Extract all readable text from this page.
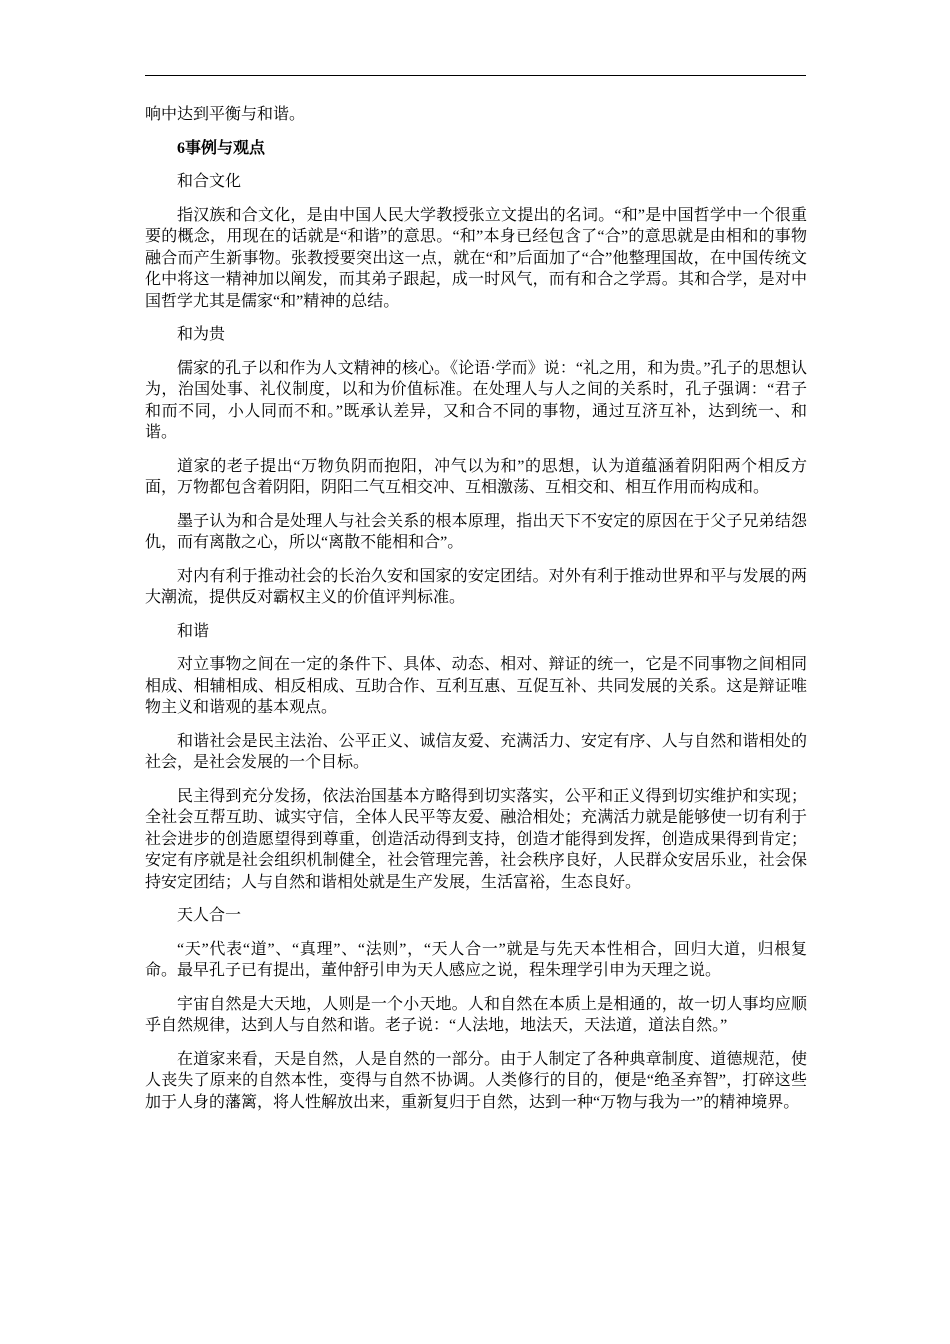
响中达到平衡与和谐。

6事例与观点

和合文化

指汉族和合文化，是由中国人民大学教授张立文提出的名词。“和”是中国哲学中一个很重要的概念，用现在的话就是“和谐”的意思。“和”本身已经包含了“合”的意思就是由相和的事物融合而产生新事物。张教授要突出这一点，就在“和”后面加了“合”他整理国故，在中国传统文化中将这一精神加以阐发，而其弟子跟起，成一时风气，而有和合之学焉。其和合学，是对中国哲学尤其是儒家“和”精神的总结。

和为贵

儒家的孔子以和作为人文精神的核心。《论语·学而》说：“礼之用，和为贵。”孔子的思想认为，治国处事、礼仪制度，以和为价值标准。在处理人与人之间的关系时，孔子强调：“君子和而不同，小人同而不和。”既承认差异，又和合不同的事物，通过互济互补，达到统一、和谐。

道家的老子提出“万物负阴而抱阳，冲气以为和”的思想，认为道蕴涵着阴阳两个相反方面，万物都包含着阴阳，阴阳二气互相交冲、互相激荡、互相交和、相互作用而构成和。

墨子认为和合是处理人与社会关系的根本原理，指出天下不安定的原因在于父子兄弟结怨仇，而有离散之心，所以“离散不能相和合”。

对内有利于推动社会的长治久安和国家的安定团结。对外有利于推动世界和平与发展的两大潮流，提供反对霸权主义的价值评判标准。

和谐

对立事物之间在一定的条件下、具体、动态、相对、辩证的统一，它是不同事物之间相同相成、相辅相成、相反相成、互助合作、互利互惠、互促互补、共同发展的关系。这是辩证唯物主义和谐观的基本观点。

和谐社会是民主法治、公平正义、诚信友爱、充满活力、安定有序、人与自然和谐相处的社会，是社会发展的一个目标。

民主得到充分发扬，依法治国基本方略得到切实落实，公平和正义得到切实维护和实现；全社会互帮互助、诚实守信，全体人民平等友爱、融洽相处；充满活力就是能够使一切有利于社会进步的创造愿望得到尊重，创造活动得到支持，创造才能得到发挥，创造成果得到肯定；安定有序就是社会组织机制健全，社会管理完善，社会秩序良好，人民群众安居乐业，社会保持安定团结；人与自然和谐相处就是生产发展，生活富裕，生态良好。

天人合一

“天”代表“道”、“真理”、“法则”，“天人合一”就是与先天本性相合，回归大道，归根复命。最早孔子已有提出，董仲舒引申为天人感应之说，程朱理学引申为天理之说。

宇宙自然是大天地，人则是一个小天地。人和自然在本质上是相通的，故一切人事均应顺乎自然规律，达到人与自然和谐。老子说：“人法地，地法天，天法道，道法自然。”

在道家来看，天是自然，人是自然的一部分。由于人制定了各种典章制度、道德规范，使人丧失了原来的自然本性，变得与自然不协调。人类修行的目的，便是“绝圣弃智”，打碎这些加于人身的藩篱，将人性解放出来，重新复归于自然，达到一种“万物与我为一”的精神境界。
